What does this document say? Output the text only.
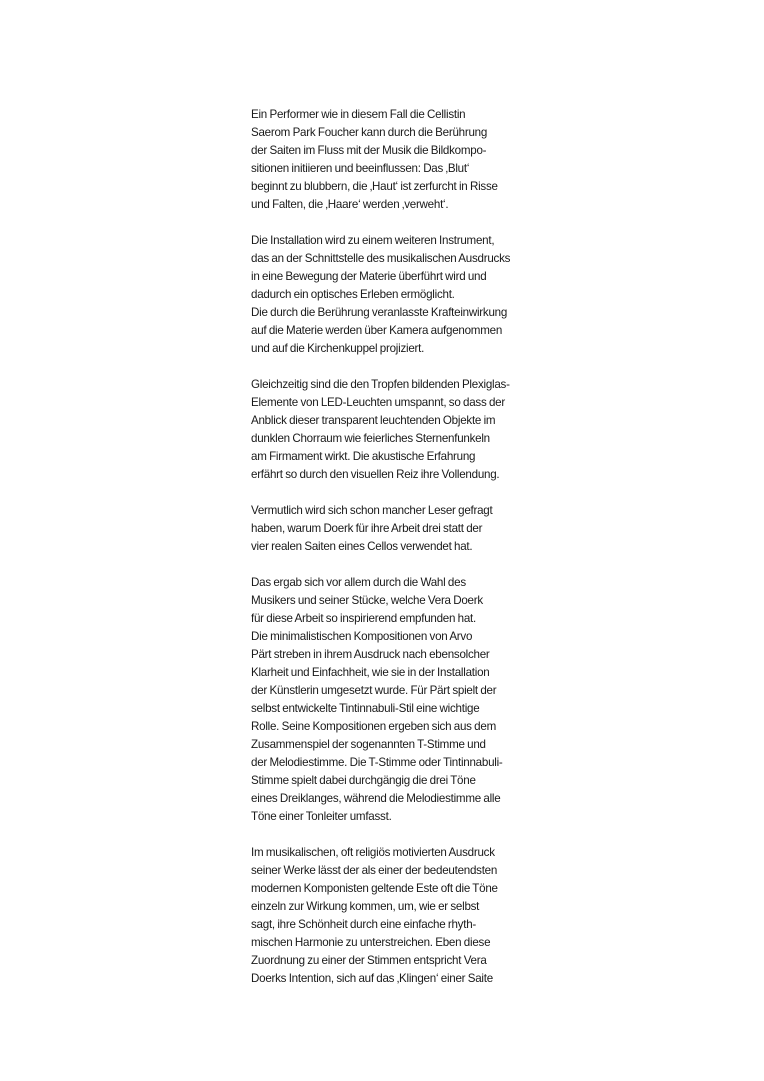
Ein Performer wie in diesem Fall die Cellistin
Saerom Park Foucher kann durch die Berührung
der Saiten im Fluss mit der Musik die Bildkompo-
sitionen initiieren und beeinflussen: Das ‚Blut‘
beginnt zu blubbern, die ‚Haut‘ ist zerfurcht in Risse
und Falten, die ‚Haare‘ werden ‚verweht‘.

Die Installation wird zu einem weiteren Instrument,
das an der Schnittstelle des musikalischen Ausdrucks
in eine Bewegung der Materie überführt wird und
dadurch ein optisches Erleben ermöglicht.
Die durch die Berührung veranlasste Krafteinwirkung
auf die Materie werden über Kamera aufgenommen
und auf die Kirchenkuppel projiziert.

Gleichzeitig sind die den Tropfen bildenden Plexiglas-
Elemente von LED-Leuchten umspannt, so dass der
Anblick dieser transparent leuchtenden Objekte im
dunklen Chorraum wie feierliches Sternenfunkeln
am Firmament wirkt. Die akustische Erfahrung
erfährt so durch den visuellen Reiz ihre Vollendung.

Vermutlich wird sich schon mancher Leser gefragt
haben, warum Doerk für ihre Arbeit drei statt der
vier realen Saiten eines Cellos verwendet hat.

Das ergab sich vor allem durch die Wahl des
Musikers und seiner Stücke, welche Vera Doerk
für diese Arbeit so inspirierend empfunden hat.
Die minimalistischen Kompositionen von Arvo
Pärt streben in ihrem Ausdruck nach ebensolcher
Klarheit und Einfachheit, wie sie in der Installation
der Künstlerin umgesetzt wurde. Für Pärt spielt der
selbst entwickelte Tintinnabuli-Stil eine wichtige
Rolle. Seine Kompositionen ergeben sich aus dem
Zusammenspiel der sogenannten T-Stimme und
der Melodiestimme. Die T-Stimme oder Tintinnabuli-
Stimme spielt dabei durchgängig die drei Töne
eines Dreiklanges, während die Melodiestimme alle
Töne einer Tonleiter umfasst.

Im musikalischen, oft religiös motivierten Ausdruck
seiner Werke lässt der als einer der bedeutendsten
modernen Komponisten geltende Este oft die Töne
einzeln zur Wirkung kommen, um, wie er selbst
sagt, ihre Schönheit durch eine einfache rhyth-
mischen Harmonie zu unterstreichen. Eben diese
Zuordnung zu einer der Stimmen entspricht Vera
Doerks Intention, sich auf das ‚Klingen‘ einer Saite
